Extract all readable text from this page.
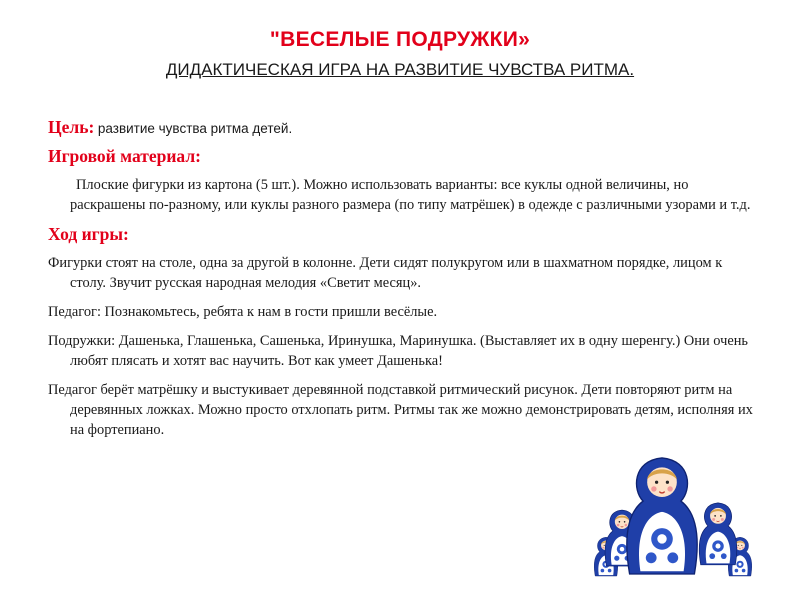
"ВЕСЕЛЫЕ ПОДРУЖКИ»
ДИДАКТИЧЕСКАЯ ИГРА НА РАЗВИТИЕ ЧУВСТВА РИТМА.
Цель: развитие чувства ритма детей.
Игровой материал:
Плоские фигурки из картона (5 шт.). Можно использовать варианты: все куклы одной величины, но раскрашены по-разному, или куклы разного размера (по типу матрёшек) в одежде с различными узорами и т.д.
Ход игры:
Фигурки стоят на столе, одна за другой в колонне. Дети сидят полукругом или в шахматном порядке, лицом к столу. Звучит русская народная мелодия «Светит месяц».
Педагог: Познакомьтесь, ребята к нам в гости пришли весёлые.
Подружки: Дашенька, Глашенька, Сашенька, Иринушка, Маринушка. (Выставляет их в одну шеренгу.) Они очень любят плясать и хотят вас научить. Вот как умеет Дашенька!
Педагог берёт матрёшку и выстукивает деревянной подставкой ритмический рисунок. Дети повторяют ритм на деревянных ложках. Можно просто отхлопать ритм. Ритмы так же можно демонстрировать детям, исполняя их на фортепиано.
